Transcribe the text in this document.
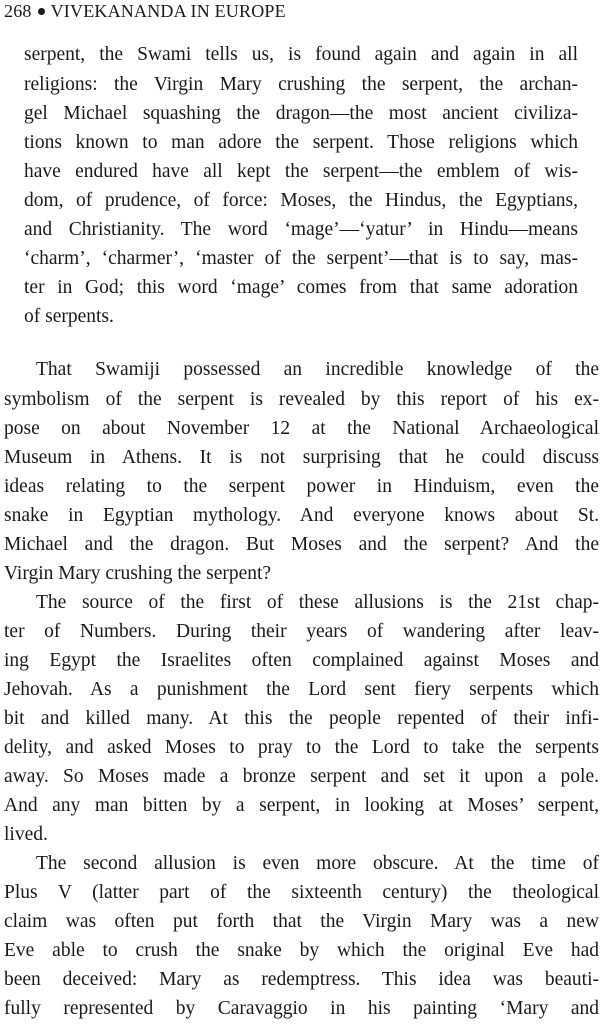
268 VIVEKANANDA IN EUROPE
serpent, the Swami tells us, is found again and again in all
religions: the Virgin Mary crushing the serpent, the archan-
gel Michael squashing the dragon—the most ancient civiliza-
tions known to man adore the serpent. Those religions which
have endured have all kept the serpent—the emblem of wis-
dom, of prudence, of force: Moses, the Hindus, the Egyptians,
and Christianity. The word ‘mage’—‘yatur’ in Hindu—means
‘charm’, ‘charmer’, ‘master of the serpent’—that is to say, mas-
ter in God; this word ‘mage’ comes from that same adoration
of serpents.
That Swamiji possessed an incredible knowledge of the
symbolism of the serpent is revealed by this report of his ex-
pose on about November 12 at the National Archaeological
Museum in Athens. It is not surprising that he could discuss
ideas relating to the serpent power in Hinduism, even the
snake in Egyptian mythology. And everyone knows about St.
Michael and the dragon. But Moses and the serpent? And the
Virgin Mary crushing the serpent?
The source of the first of these allusions is the 21st chap-
ter of Numbers. During their years of wandering after leav-
ing Egypt the Israelites often complained against Moses and
Jehovah. As a punishment the Lord sent fiery serpents which
bit and killed many. At this the people repented of their infi-
delity, and asked Moses to pray to the Lord to take the serpents
away. So Moses made a bronze serpent and set it upon a pole.
And any man bitten by a serpent, in looking at Moses’ serpent,
lived.
The second allusion is even more obscure. At the time of
Plus V (latter part of the sixteenth century) the theological
claim was often put forth that the Virgin Mary was a new
Eve able to crush the snake by which the original Eve had
been deceived: Mary as redemptress. This idea was beauti-
fully represented by Caravaggio in his painting ‘Mary and
